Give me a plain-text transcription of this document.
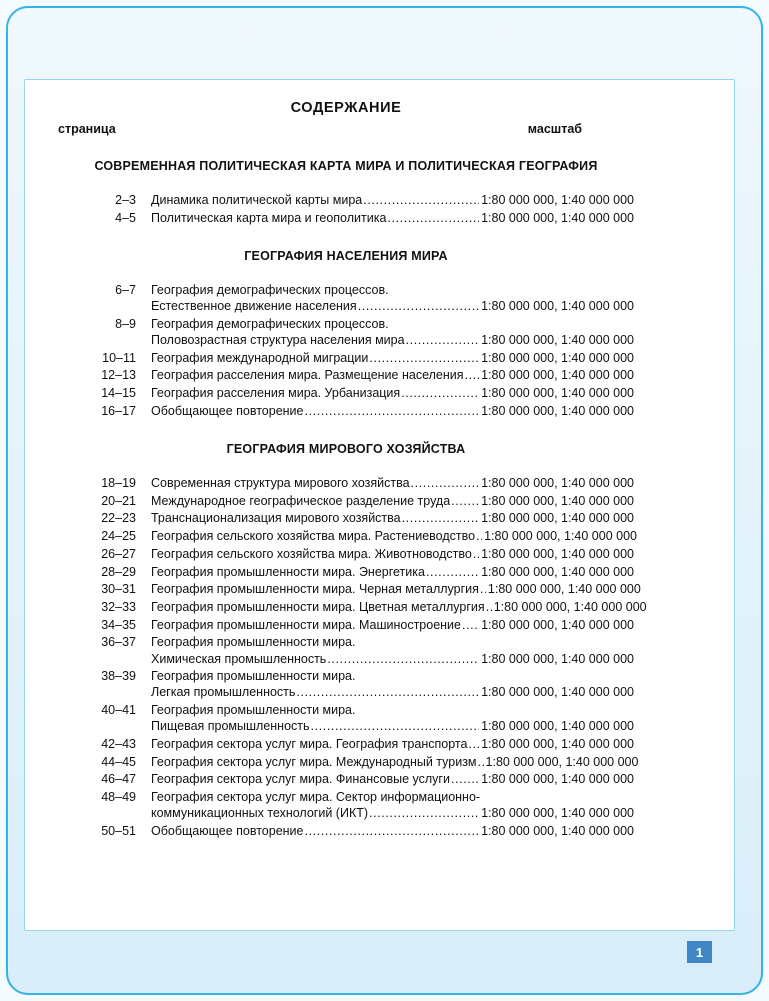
СОДЕРЖАНИЕ
страница	масштаб
СОВРЕМЕННАЯ ПОЛИТИЧЕСКАЯ КАРТА МИРА И ПОЛИТИЧЕСКАЯ ГЕОГРАФИЯ
2–3 Динамика политической карты мира .....	1:80 000 000, 1:40 000 000
4–5 Политическая карта мира и геополитика .....	1:80 000 000, 1:40 000 000
ГЕОГРАФИЯ НАСЕЛЕНИЯ МИРА
6–7 География демографических процессов.
Естественное движение населения .....	1:80 000 000, 1:40 000 000
8–9 География демографических процессов.
Половозрастная структура населения мира .....	1:80 000 000, 1:40 000 000
10–11 География международной миграции .....	1:80 000 000, 1:40 000 000
12–13 География расселения мира. Размещение населения ..... 1:80 000 000, 1:40 000 000
14–15 География расселения мира. Урбанизация .....	1:80 000 000, 1:40 000 000
16–17 Обобщающее повторение .....	1:80 000 000, 1:40 000 000
ГЕОГРАФИЯ МИРОВОГО ХОЗЯЙСТВА
18–19 Современная структура мирового хозяйства .....	1:80 000 000, 1:40 000 000
20–21 Международное географическое разделение труда ..... 1:80 000 000, 1:40 000 000
22–23 Транснационализация мирового хозяйства .....	1:80 000 000, 1:40 000 000
24–25 География сельского хозяйства мира. Растениеводство ..... 1:80 000 000, 1:40 000 000
26–27 География сельского хозяйства мира. Животноводство ..... 1:80 000 000, 1:40 000 000
28–29 География промышленности мира. Энергетика .....	1:80 000 000, 1:40 000 000
30–31 География промышленности мира. Черная металлургия ..... 1:80 000 000, 1:40 000 000
32–33 География промышленности мира. Цветная металлургия ..... 1:80 000 000, 1:40 000 000
34–35 География промышленности мира. Машиностроение ..... 1:80 000 000, 1:40 000 000
36–37 География промышленности мира.
Химическая промышленность .....	1:80 000 000, 1:40 000 000
38–39 География промышленности мира.
Легкая промышленность .....	1:80 000 000, 1:40 000 000
40–41 География промышленности мира.
Пищевая промышленность .....	1:80 000 000, 1:40 000 000
42–43 География сектора услуг мира. География транспорта ..... 1:80 000 000, 1:40 000 000
44–45 География сектора услуг мира. Международный туризм ..... 1:80 000 000, 1:40 000 000
46–47 География сектора услуг мира. Финансовые услуги ..... 1:80 000 000, 1:40 000 000
48–49 География сектора услуг мира. Сектор информационно-
коммуникационных технологий (ИКТ) .....	1:80 000 000, 1:40 000 000
50–51 Обобщающее повторение .....	1:80 000 000, 1:40 000 000
1
